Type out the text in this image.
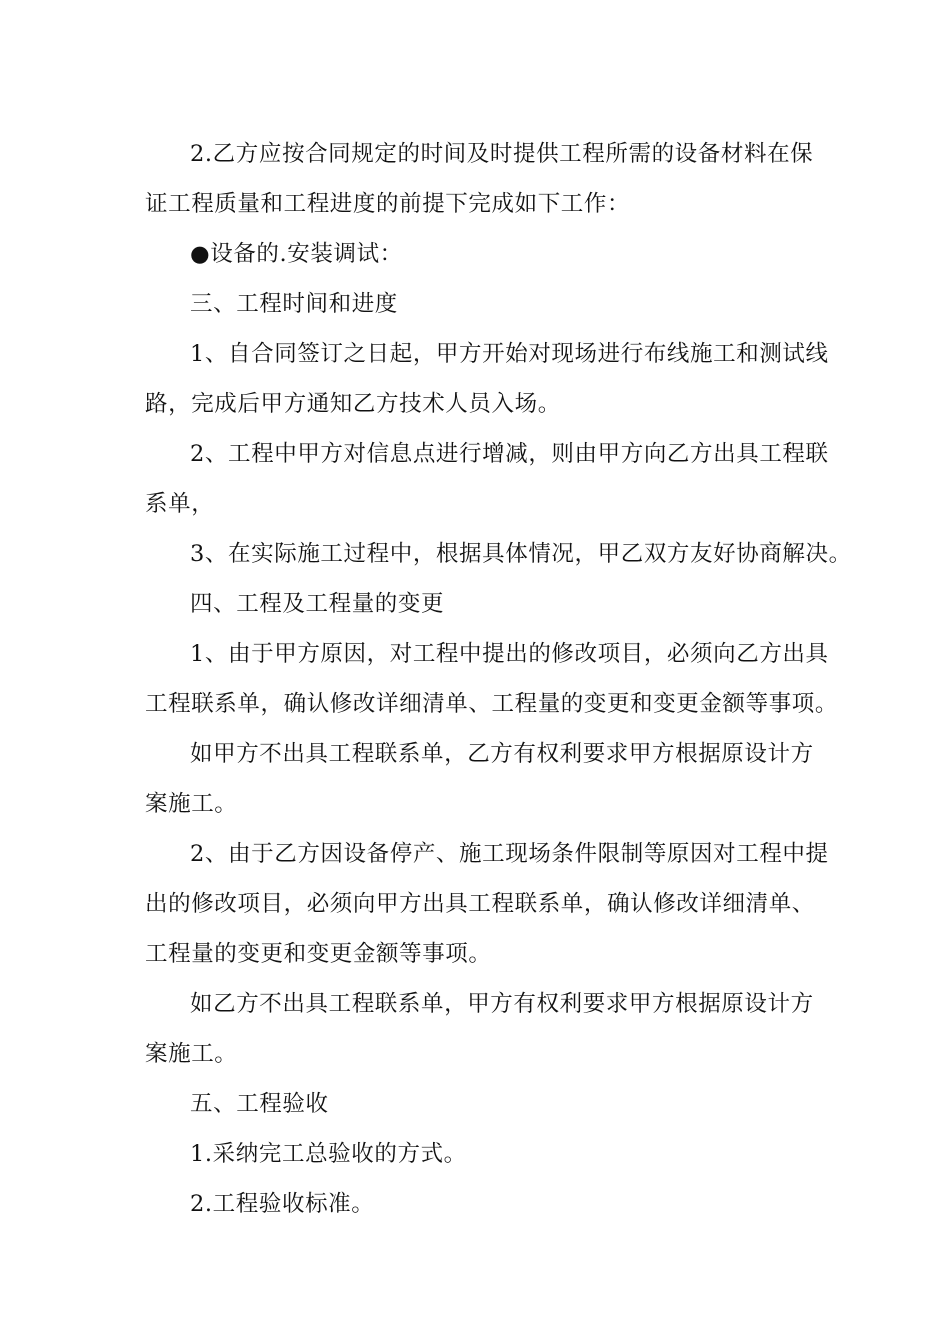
2.乙方应按合同规定的时间及时提供工程所需的设备材料在保
证工程质量和工程进度的前提下完成如下工作：
●设备的.安装调试：
三、工程时间和进度
1、自合同签订之日起，甲方开始对现场进行布线施工和测试线
路，完成后甲方通知乙方技术人员入场。
2、工程中甲方对信息点进行增减，则由甲方向乙方出具工程联
系单，
3、在实际施工过程中，根据具体情况，甲乙双方友好协商解决。
四、工程及工程量的变更
1、由于甲方原因，对工程中提出的修改项目，必须向乙方出具
工程联系单，确认修改详细清单、工程量的变更和变更金额等事项。
如甲方不出具工程联系单，乙方有权利要求甲方根据原设计方
案施工。
2、由于乙方因设备停产、施工现场条件限制等原因对工程中提
出的修改项目，必须向甲方出具工程联系单，确认修改详细清单、
工程量的变更和变更金额等事项。
如乙方不出具工程联系单，甲方有权利要求甲方根据原设计方
案施工。
五、工程验收
1.采纳完工总验收的方式。
2.工程验收标准。
